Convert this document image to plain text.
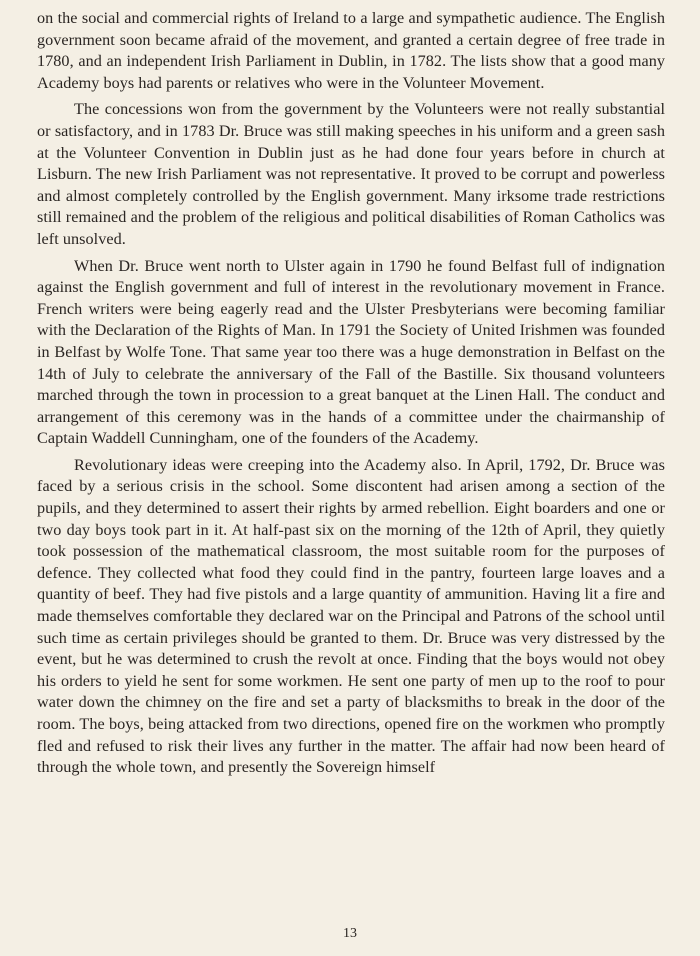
on the social and commercial rights of Ireland to a large and sympathetic audience. The English government soon became afraid of the movement, and granted a certain degree of free trade in 1780, and an independent Irish Parliament in Dublin, in 1782. The lists show that a good many Academy boys had parents or relatives who were in the Volunteer Movement.

The concessions won from the government by the Volunteers were not really substantial or satisfactory, and in 1783 Dr. Bruce was still making speeches in his uniform and a green sash at the Volunteer Convention in Dublin just as he had done four years before in church at Lisburn. The new Irish Parliament was not representative. It proved to be corrupt and powerless and almost completely controlled by the English government. Many irksome trade restrictions still remained and the problem of the religious and political disabilities of Roman Catholics was left unsolved.

When Dr. Bruce went north to Ulster again in 1790 he found Belfast full of indignation against the English government and full of interest in the revolutionary movement in France. French writers were being eagerly read and the Ulster Presbyterians were becoming familiar with the Declaration of the Rights of Man. In 1791 the Society of United Irishmen was founded in Belfast by Wolfe Tone. That same year too there was a huge demonstration in Belfast on the 14th of July to celebrate the anniversary of the Fall of the Bastille. Six thousand volunteers marched through the town in procession to a great banquet at the Linen Hall. The conduct and arrangement of this ceremony was in the hands of a committee under the chairmanship of Captain Waddell Cunningham, one of the founders of the Academy.

Revolutionary ideas were creeping into the Academy also. In April, 1792, Dr. Bruce was faced by a serious crisis in the school. Some discontent had arisen among a section of the pupils, and they determined to assert their rights by armed rebellion. Eight boarders and one or two day boys took part in it. At half-past six on the morning of the 12th of April, they quietly took possession of the mathematical classroom, the most suitable room for the purposes of defence. They collected what food they could find in the pantry, fourteen large loaves and a quantity of beef. They had five pistols and a large quantity of ammunition. Having lit a fire and made themselves comfortable they declared war on the Principal and Patrons of the school until such time as certain privileges should be granted to them. Dr. Bruce was very distressed by the event, but he was determined to crush the revolt at once. Finding that the boys would not obey his orders to yield he sent for some workmen. He sent one party of men up to the roof to pour water down the chimney on the fire and set a party of blacksmiths to break in the door of the room. The boys, being attacked from two directions, opened fire on the workmen who promptly fled and refused to risk their lives any further in the matter. The affair had now been heard of through the whole town, and presently the Sovereign himself

13
